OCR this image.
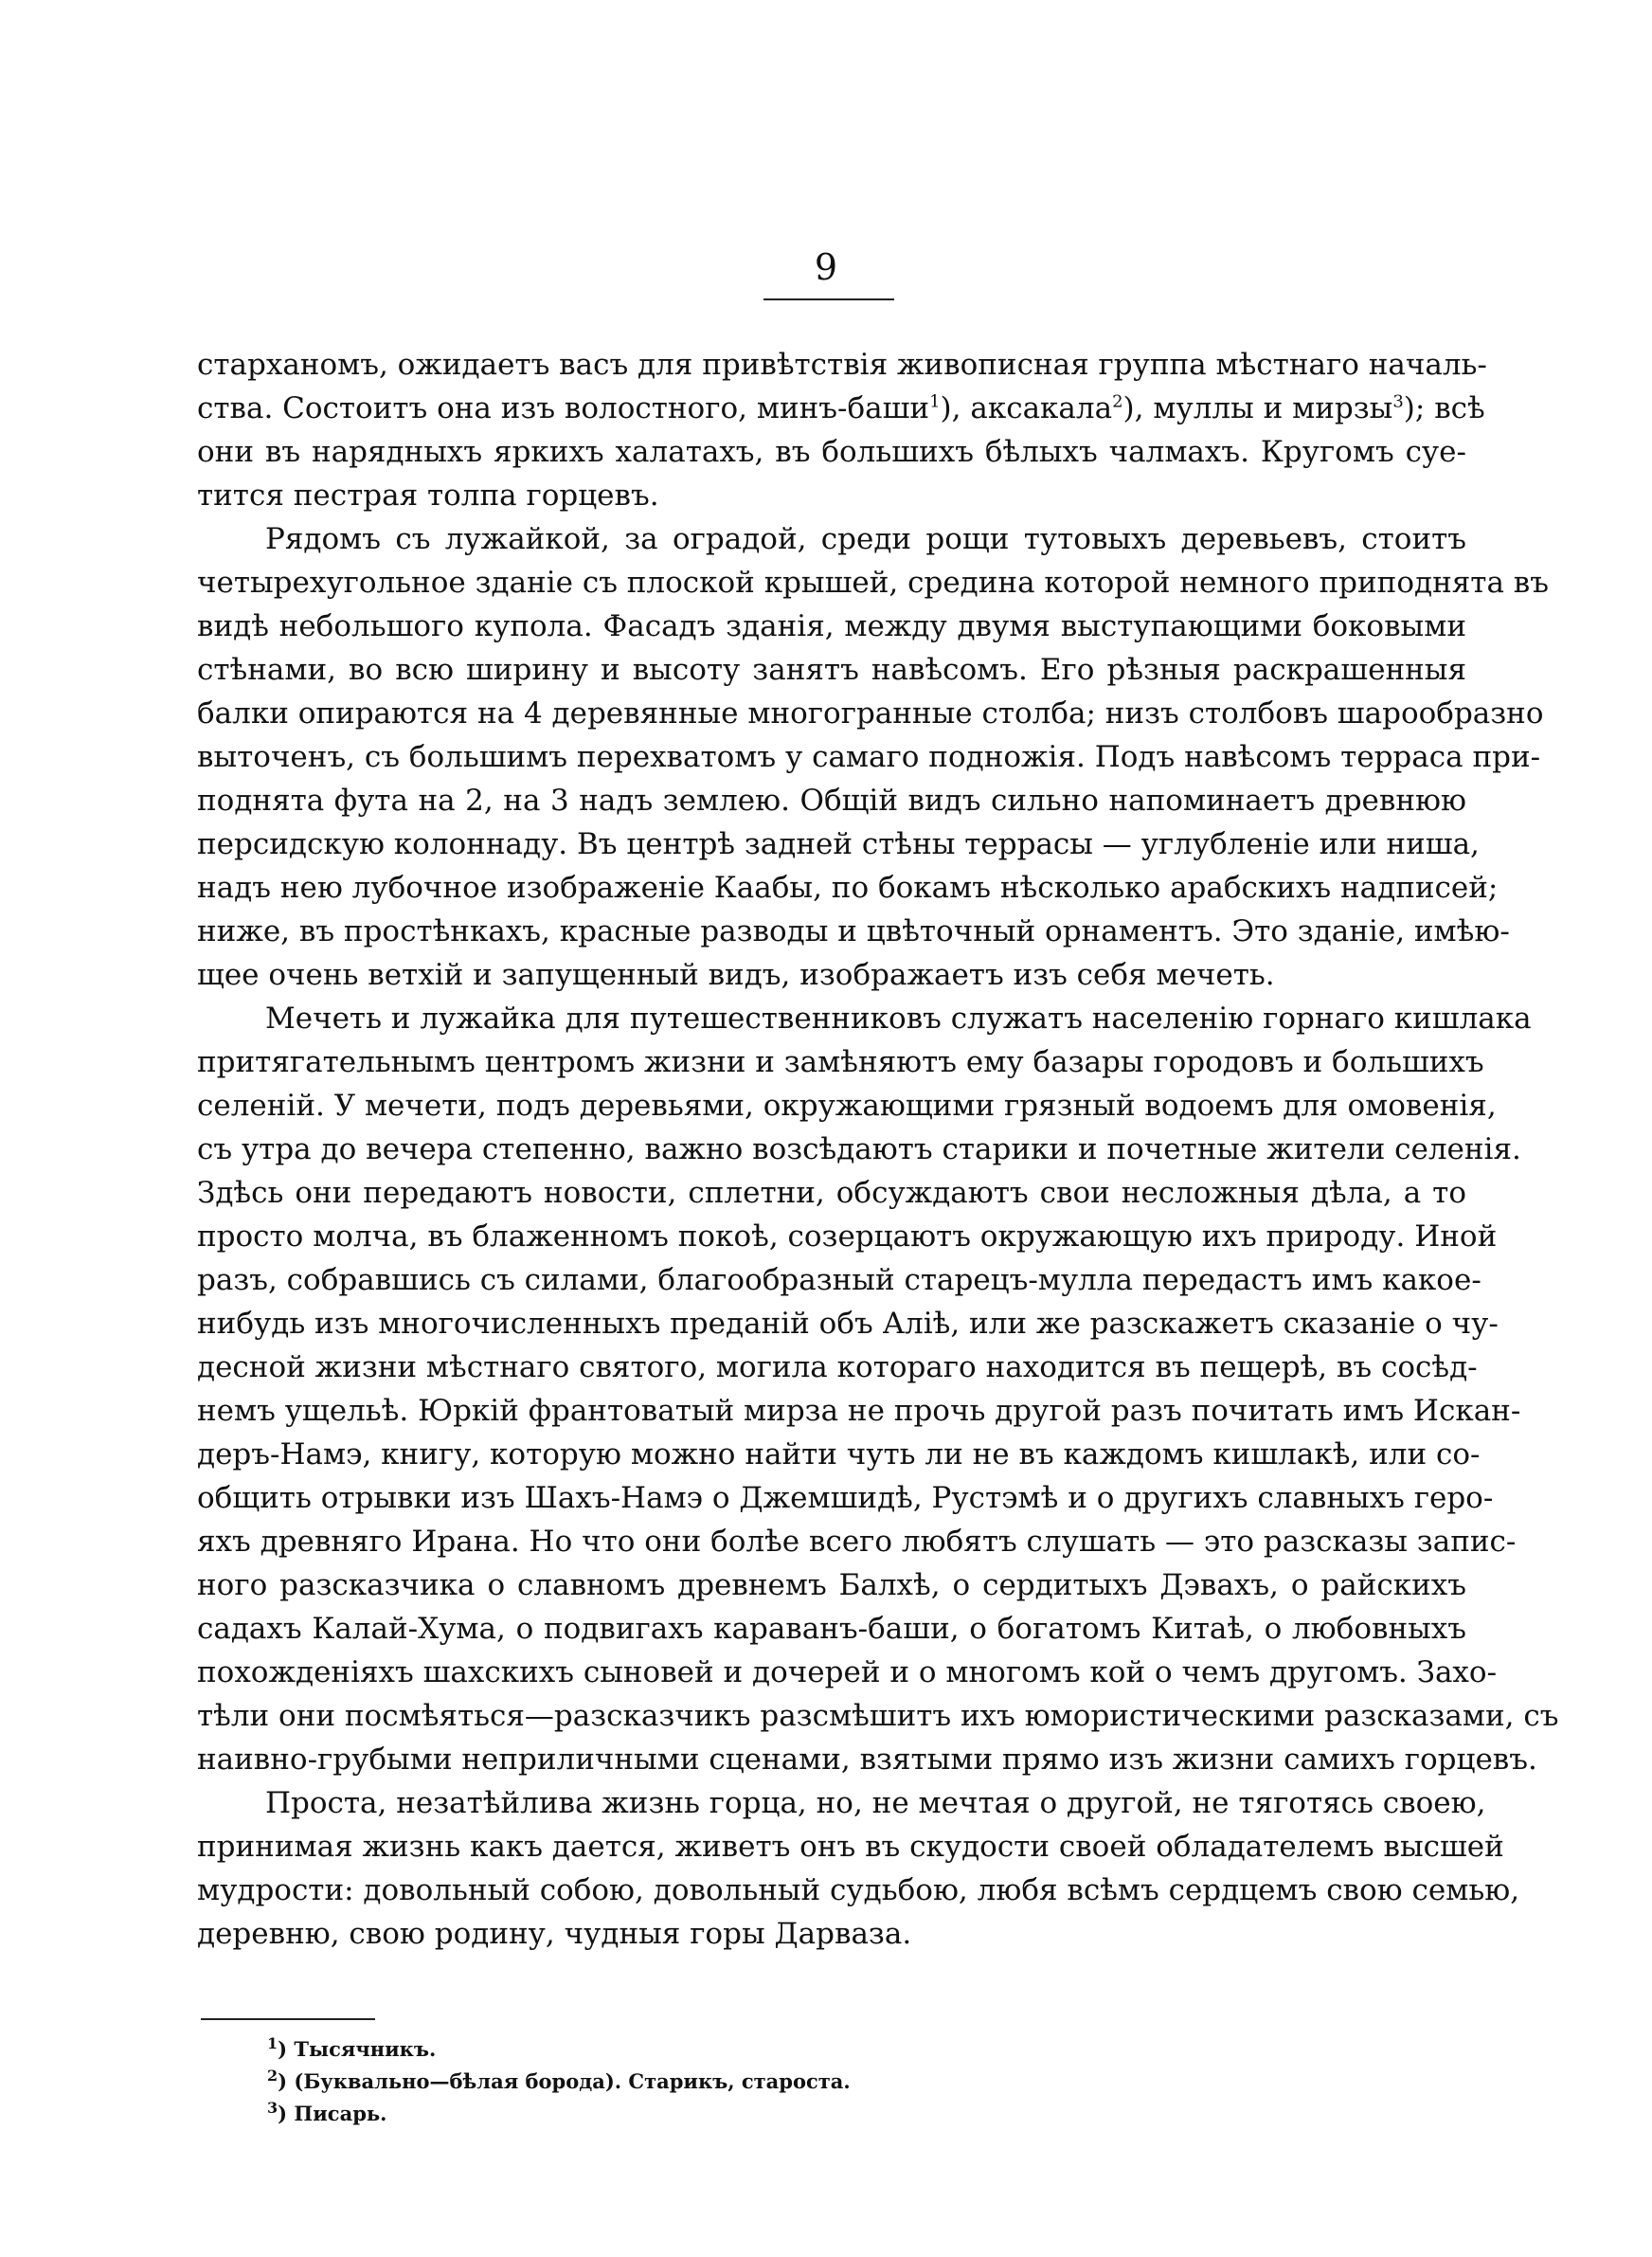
9
старханомъ, ожидаетъ васъ для привѣтствія живописная группа мѣстнаго началь-
ства. Состоитъ она изъ волостного, минъ-баши$^1$), аксакала$^2$), муллы и мирзы$^3$); всѣ
они въ нарядныхъ яркихъ халатахъ, въ большихъ бѣлыхъ чалмахъ. Кругомъ суе-
тится пестрая толпа горцевъ.
Рядомъ съ лужайкой, за оградой, среди рощи тутовыхъ деревьевъ, стоитъ
четырехугольное зданіе съ плоской крышей, средина которой немного приподнята въ
видѣ небольшого купола. Фасадъ зданія, между двумя выступающими боковыми
стѣнами, во всю ширину и высоту занятъ навѣсомъ. Его рѣзныя раскрашенныя
балки опираются на 4 деревянные многогранные столба; низъ столбовъ шарообразно
выточенъ, съ большимъ перехватомъ у самаго подножія. Подъ навѣсомъ терраса при-
поднята фута на 2, на 3 надъ землею. Общій видъ сильно напоминаетъ древнюю
персидскую колоннаду. Въ центрѣ задней стѣны террасы — углубленіе или ниша,
надъ нею лубочное изображеніе Каабы, по бокамъ нѣсколько арабскихъ надписей;
ниже, въ простѣнкахъ, красные разводы и цвѣточный орнаментъ. Это зданіе, имѣю-
щее очень ветхій и запущенный видъ, изображаетъ изъ себя мечеть.
Мечеть и лужайка для путешественниковъ служатъ населенію горнаго кишлака
притягательнымъ центромъ жизни и замѣняютъ ему базары городовъ и большихъ
селеній. У мечети, подъ деревьями, окружающими грязный водоемъ для омовенія,
съ утра до вечера степенно, важно возсѣдаютъ старики и почетные жители селенія.
Здѣсь они передаютъ новости, сплетни, обсуждаютъ свои несложныя дѣла, а то
просто молча, въ блаженномъ покоѣ, созерцаютъ окружающую ихъ природу. Иной
разъ, собравшись съ силами, благообразный старецъ-мулла передастъ имъ какое-
нибудь изъ многочисленныхъ преданій объ Алiѣ, или же разскажетъ сказаніе о чу-
десной жизни мѣстнаго святого, могила котораго находится въ пещерѣ, въ сосѣд-
немъ ущельѣ. Юркій франтоватый мирза не прочь другой разъ почитать имъ Искан-
деръ-Намэ, книгу, которую можно найти чуть ли не въ каждомъ кишлакѣ, или со-
общить отрывки изъ Шахъ-Намэ о Джемшидѣ, Рустэмѣ и о другихъ славныхъ геро-
яхъ древняго Ирана. Но что они болѣе всего любятъ слушать — это разсказы запис-
ного разсказчика о славномъ древнемъ Балхѣ, о сердитыхъ Дэвахъ, о райскихъ
садахъ Калай-Хума, о подвигахъ караванъ-баши, о богатомъ Китаѣ, о любовныхъ
похожденіяхъ шахскихъ сыновей и дочерей и о многомъ кой о чемъ другомъ. Захо-
тѣли они посмѣяться—разсказчикъ разсмѣшитъ ихъ юмористическими разсказами, съ
наивно-грубыми неприличными сценами, взятыми прямо изъ жизни самихъ горцевъ.
Проста, незатѣйлива жизнь горца, но, не мечтая о другой, не тяготясь своею,
принимая жизнь какъ дается, живетъ онъ въ скудости своей обладателемъ высшей
мудрости: довольный собою, довольный судьбою, любя всѣмъ сердцемъ свою семью,
деревню, свою родину, чудныя горы Дарваза.
$^1$) Тысячникъ.
$^2$) (Буквально—бѣлая борода). Старикъ, староста.
$^3$) Писарь.
